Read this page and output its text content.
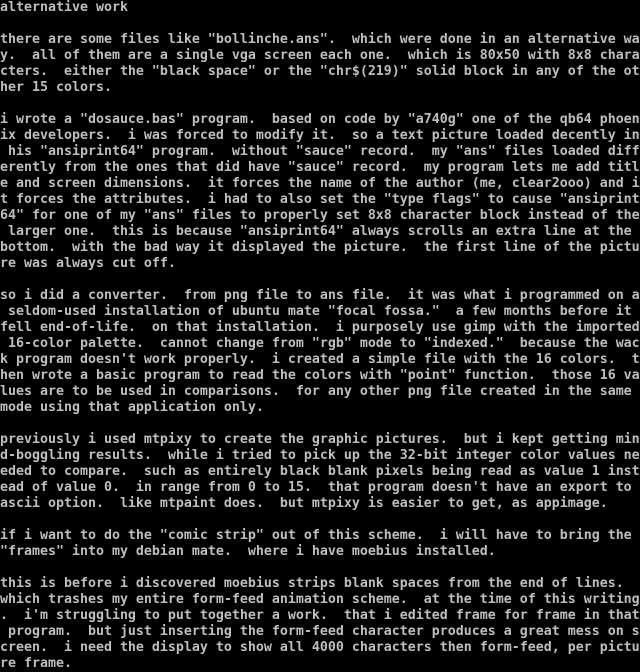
alternative work

there are some files like "bollinche.ans".  which were done in an alternative wa
y.  all of them are a single vga screen each one.  which is 80x50 with 8x8 chara
cters.  either the "black space" or the "chr$(219)" solid block in any of the ot
her 15 colors.

i wrote a "dosauce.bas" program.  based on code by "a740g" one of the qb64 phoen
ix developers.  i was forced to modify it.  so a text picture loaded decently in
his "ansiprint64" program.  without "sauce" record.  my "ans" files loaded diff
erently from the ones that did have "sauce" record.  my program lets me add titl
e and screen dimensions.  it forces the name of the author (me, clear2ooo) and i
t forces the attributes.  i had to also set the "type flags" to cause "ansiprint
64" for one of my "ans" files to properly set 8x8 character block instead of the
larger one.  this is because "ansiprint64" always scrolls an extra line at the
bottom.  with the bad way it displayed the picture.  the first line of the pictu
re was always cut off.

so i did a converter.  from png file to ans file.  it was what i programmed on a
seldom-used installation of ubuntu mate "focal fossa."  a few months before it
fell end-of-life.  on that installation.  i purposely use gimp with the imported
16-color palette.  cannot change from "rgb" mode to "indexed."  because the wac
k program doesn't work properly.  i created a simple file with the 16 colors.  t
hen wrote a basic program to read the colors with "point" function.  those 16 va
lues are to be used in comparisons.  for any other png file created in the same
mode using that application only.

previously i used mtpixy to create the graphic pictures.  but i kept getting min
d-boggling results.  while i tried to pick up the 32-bit integer color values ne
eded to compare.  such as entirely black blank pixels being read as value 1 inst
ead of value 0.  in range from 0 to 15.  that program doesn't have an export to
ascii option.  like mtpaint does.  but mtpixy is easier to get, as appimage.

if i want to do the "comic strip" out of this scheme.  i will have to bring the
"frames" into my debian mate.  where i have moebius installed.

this is before i discovered moebius strips blank spaces from the end of lines.
which trashes my entire form-feed animation scheme.  at the time of this writing
.  i'm struggling to put together a work.  that i edited frame for frame in that
program.  but just inserting the form-feed character produces a great mess on s
creen.  i need the display to show all 4000 characters then form-feed, per pictu
re frame.
